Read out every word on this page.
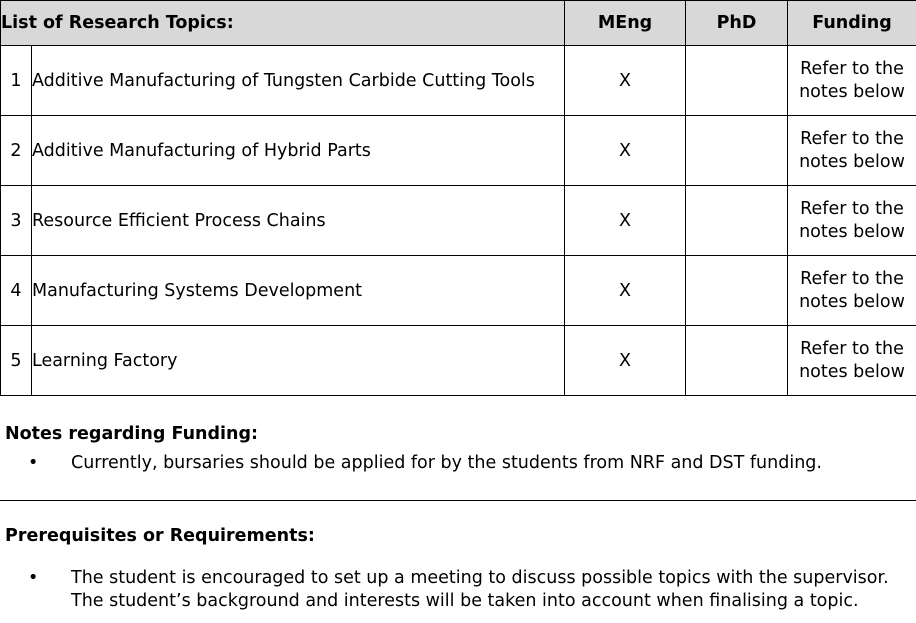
List of Research Topics:		MEng	PhD	Funding
1	Additive Manufacturing of Tungsten Carbide Cutting Tools	X		Refer to the
notes below
2	Additive Manufacturing of Hybrid Parts	X		Refer to the
notes below
3	Resource Efficient Process Chains	X		Refer to the
notes below
4	Manufacturing Systems Development	X		Refer to the
notes below
5	Learning Factory	X		Refer to the
notes below
Notes regarding Funding:
• Currently, bursaries should be applied for by the students from NRF and DST funding.
Prerequisites or Requirements:
• The student is encouraged to set up a meeting to discuss possible topics with the supervisor. The student’s background and interests will be taken into account when finalising a topic.
